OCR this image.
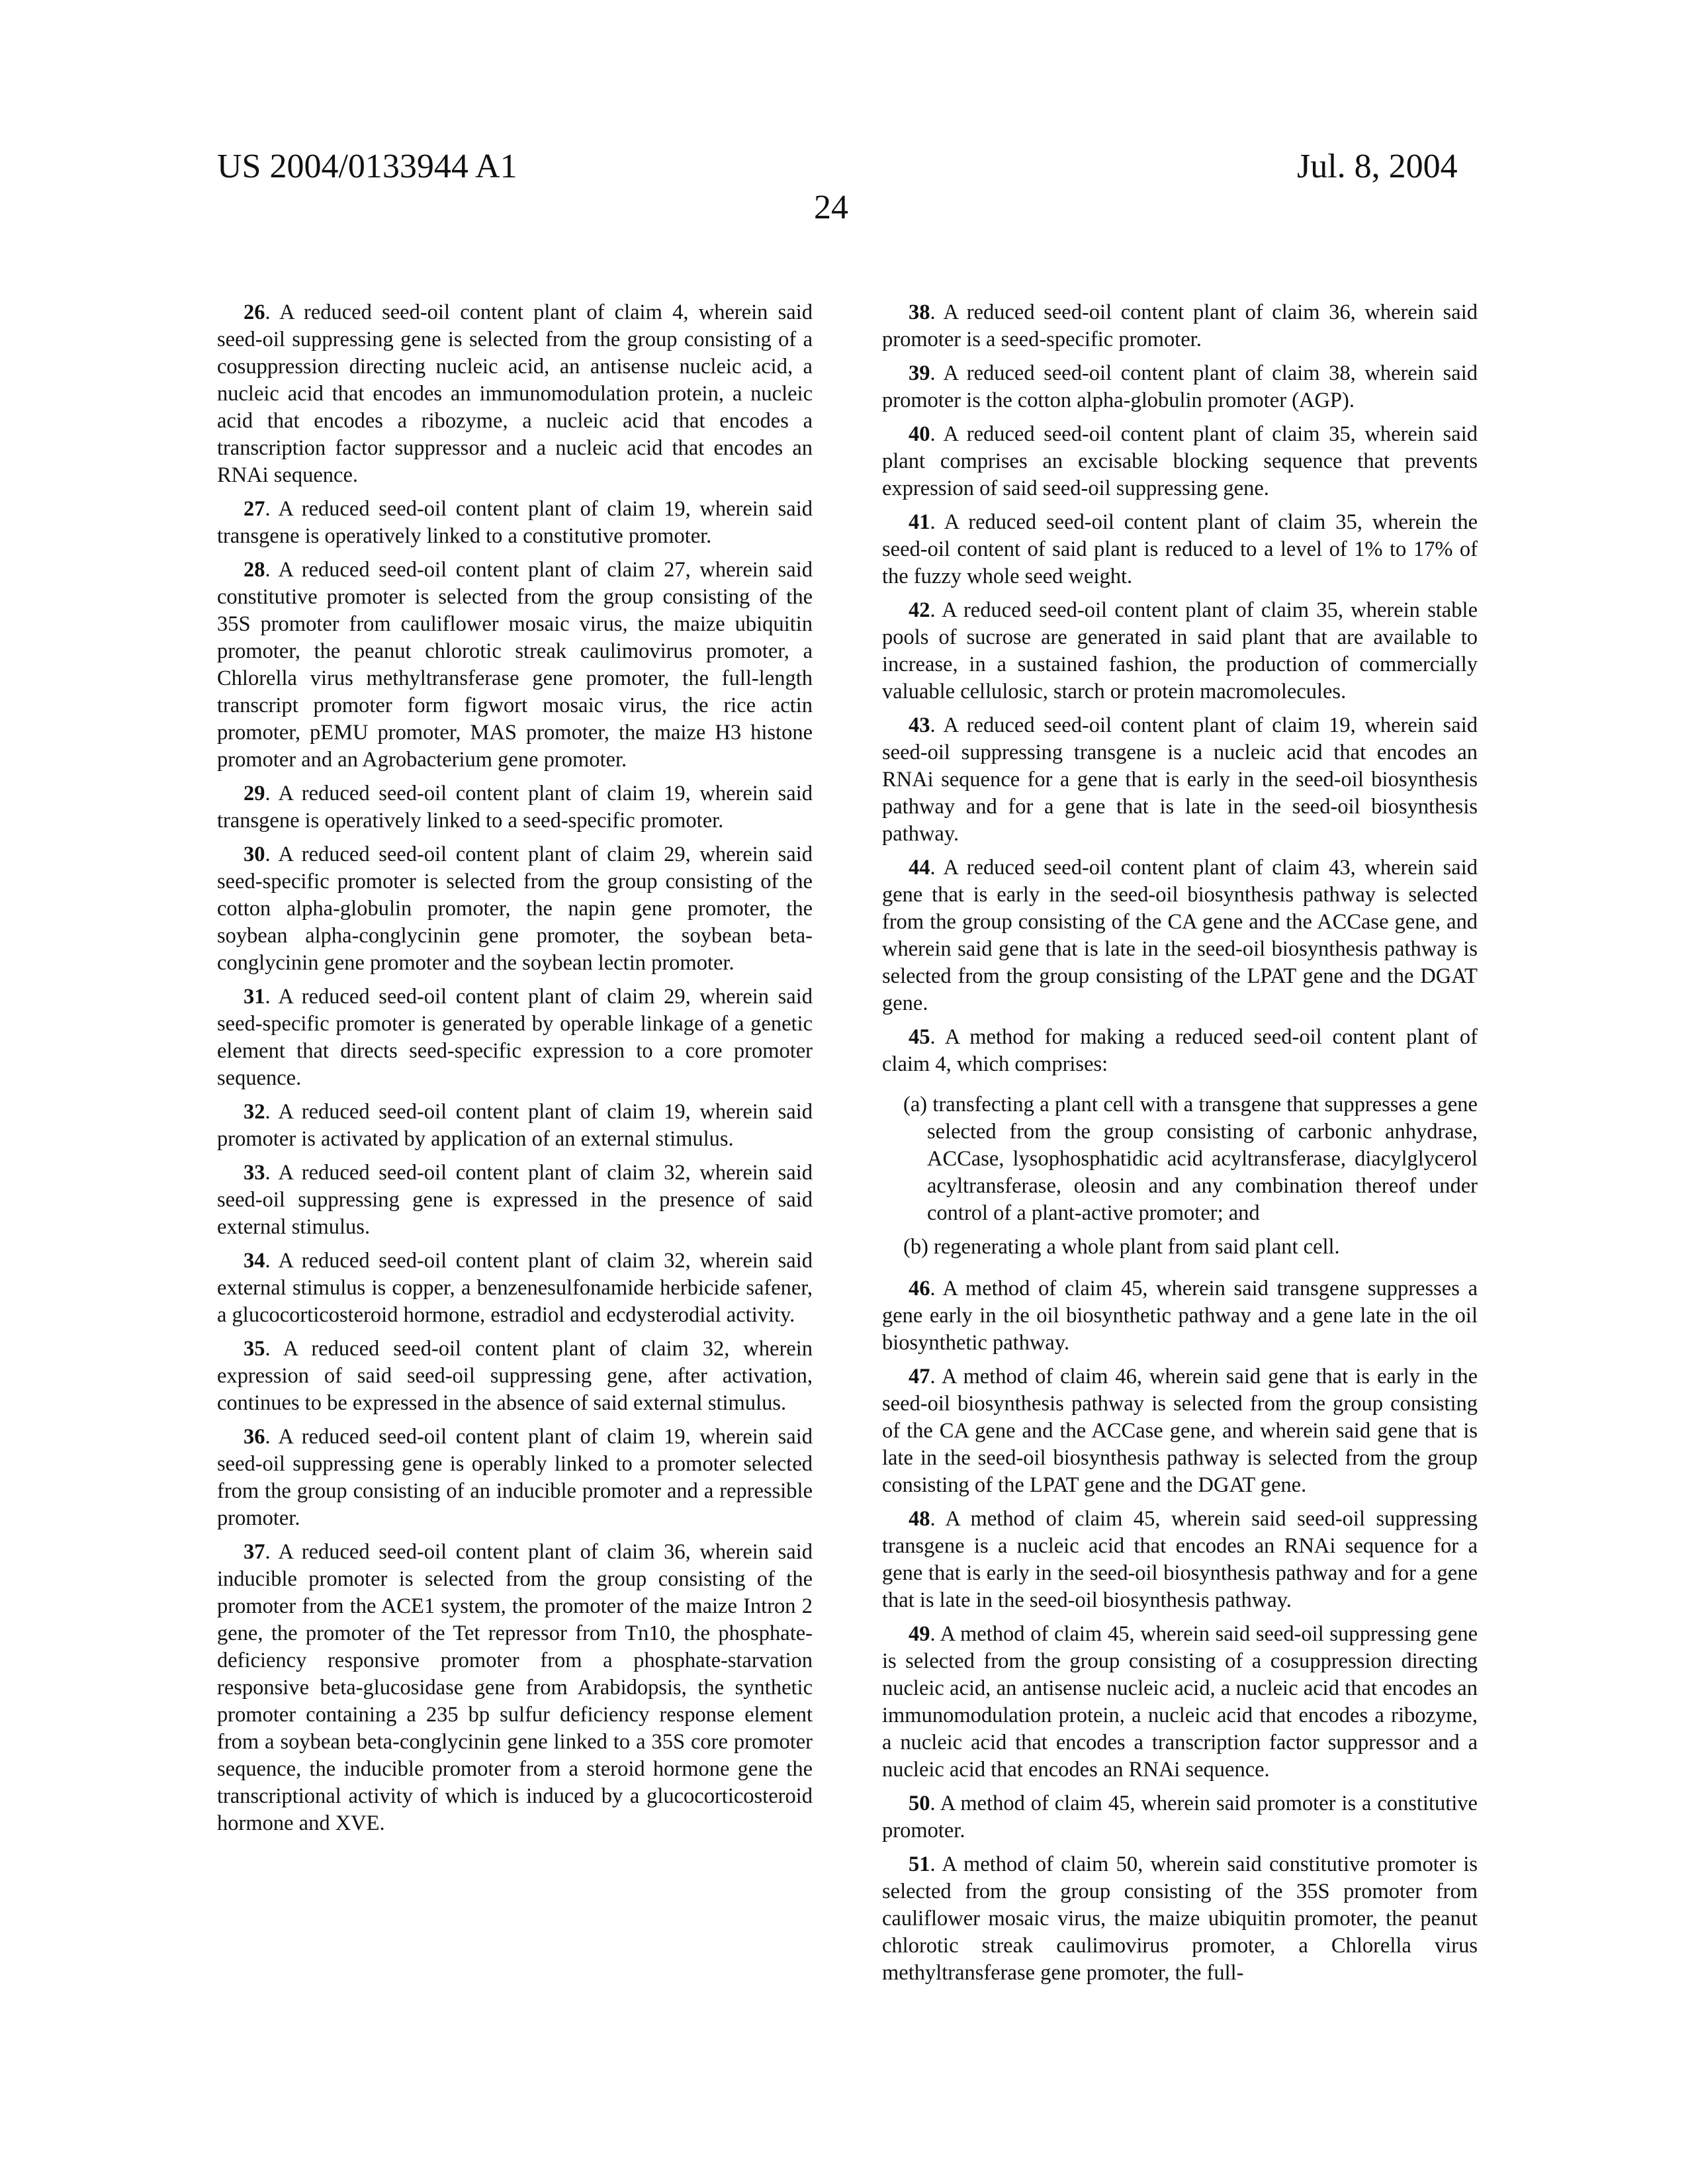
US 2004/0133944 A1	Jul. 8, 2004
24

26. A reduced seed-oil content plant of claim 4, wherein said seed-oil suppressing gene is selected from the group consisting of a cosuppression directing nucleic acid, an antisense nucleic acid, a nucleic acid that encodes an immunomodulation protein, a nucleic acid that encodes a ribozyme, a nucleic acid that encodes a transcription factor suppressor and a nucleic acid that encodes an RNAi sequence.

27. A reduced seed-oil content plant of claim 19, wherein said transgene is operatively linked to a constitutive promoter.

28. A reduced seed-oil content plant of claim 27, wherein said constitutive promoter is selected from the group consisting of the 35S promoter from cauliflower mosaic virus, the maize ubiquitin promoter, the peanut chlorotic streak caulimovirus promoter, a Chlorella virus methyltransferase gene promoter, the full-length transcript promoter form figwort mosaic virus, the rice actin promoter, pEMU promoter, MAS promoter, the maize H3 histone promoter and an Agrobacterium gene promoter.

29. A reduced seed-oil content plant of claim 19, wherein said transgene is operatively linked to a seed-specific promoter.

30. A reduced seed-oil content plant of claim 29, wherein said seed-specific promoter is selected from the group consisting of the cotton alpha-globulin promoter, the napin gene promoter, the soybean alpha-conglycinin gene promoter, the soybean beta-conglycinin gene promoter and the soybean lectin promoter.

31. A reduced seed-oil content plant of claim 29, wherein said seed-specific promoter is generated by operable linkage of a genetic element that directs seed-specific expression to a core promoter sequence.

32. A reduced seed-oil content plant of claim 19, wherein said promoter is activated by application of an external stimulus.

33. A reduced seed-oil content plant of claim 32, wherein said seed-oil suppressing gene is expressed in the presence of said external stimulus.

34. A reduced seed-oil content plant of claim 32, wherein said external stimulus is copper, a benzenesulfonamide herbicide safener, a glucocorticosteroid hormone, estradiol and ecdysterodial activity.

35. A reduced seed-oil content plant of claim 32, wherein expression of said seed-oil suppressing gene, after activation, continues to be expressed in the absence of said external stimulus.

36. A reduced seed-oil content plant of claim 19, wherein said seed-oil suppressing gene is operably linked to a promoter selected from the group consisting of an inducible promoter and a repressible promoter.

37. A reduced seed-oil content plant of claim 36, wherein said inducible promoter is selected from the group consisting of the promoter from the ACE1 system, the promoter of the maize Intron 2 gene, the promoter of the Tet repressor from Tn10, the phosphate-deficiency responsive promoter from a phosphate-starvation responsive beta-glucosidase gene from Arabidopsis, the synthetic promoter containing a 235 bp sulfur deficiency response element from a soybean beta-conglycinin gene linked to a 35S core promoter sequence, the inducible promoter from a steroid hormone gene the transcriptional activity of which is induced by a glucocorticosteroid hormone and XVE.

38. A reduced seed-oil content plant of claim 36, wherein said promoter is a seed-specific promoter.

39. A reduced seed-oil content plant of claim 38, wherein said promoter is the cotton alpha-globulin promoter (AGP).

40. A reduced seed-oil content plant of claim 35, wherein said plant comprises an excisable blocking sequence that prevents expression of said seed-oil suppressing gene.

41. A reduced seed-oil content plant of claim 35, wherein the seed-oil content of said plant is reduced to a level of 1% to 17% of the fuzzy whole seed weight.

42. A reduced seed-oil content plant of claim 35, wherein stable pools of sucrose are generated in said plant that are available to increase, in a sustained fashion, the production of commercially valuable cellulosic, starch or protein macromolecules.

43. A reduced seed-oil content plant of claim 19, wherein said seed-oil suppressing transgene is a nucleic acid that encodes an RNAi sequence for a gene that is early in the seed-oil biosynthesis pathway and for a gene that is late in the seed-oil biosynthesis pathway.

44. A reduced seed-oil content plant of claim 43, wherein said gene that is early in the seed-oil biosynthesis pathway is selected from the group consisting of the CA gene and the ACCase gene, and wherein said gene that is late in the seed-oil biosynthesis pathway is selected from the group consisting of the LPAT gene and the DGAT gene.

45. A method for making a reduced seed-oil content plant of claim 4, which comprises:

(a) transfecting a plant cell with a transgene that suppresses a gene selected from the group consisting of carbonic anhydrase, ACCase, lysophosphatidic acid acyltransferase, diacylglycerol acyltransferase, oleosin and any combination thereof under control of a plant-active promoter; and

(b) regenerating a whole plant from said plant cell.

46. A method of claim 45, wherein said transgene suppresses a gene early in the oil biosynthetic pathway and a gene late in the oil biosynthetic pathway.

47. A method of claim 46, wherein said gene that is early in the seed-oil biosynthesis pathway is selected from the group consisting of the CA gene and the ACCase gene, and wherein said gene that is late in the seed-oil biosynthesis pathway is selected from the group consisting of the LPAT gene and the DGAT gene.

48. A method of claim 45, wherein said seed-oil suppressing transgene is a nucleic acid that encodes an RNAi sequence for a gene that is early in the seed-oil biosynthesis pathway and for a gene that is late in the seed-oil biosynthesis pathway.

49. A method of claim 45, wherein said seed-oil suppressing gene is selected from the group consisting of a cosuppression directing nucleic acid, an antisense nucleic acid, a nucleic acid that encodes an immunomodulation protein, a nucleic acid that encodes a ribozyme, a nucleic acid that encodes a transcription factor suppressor and a nucleic acid that encodes an RNAi sequence.

50. A method of claim 45, wherein said promoter is a constitutive promoter.

51. A method of claim 50, wherein said constitutive promoter is selected from the group consisting of the 35S promoter from cauliflower mosaic virus, the maize ubiquitin promoter, the peanut chlorotic streak caulimovirus promoter, a Chlorella virus methyltransferase gene promoter, the full-
